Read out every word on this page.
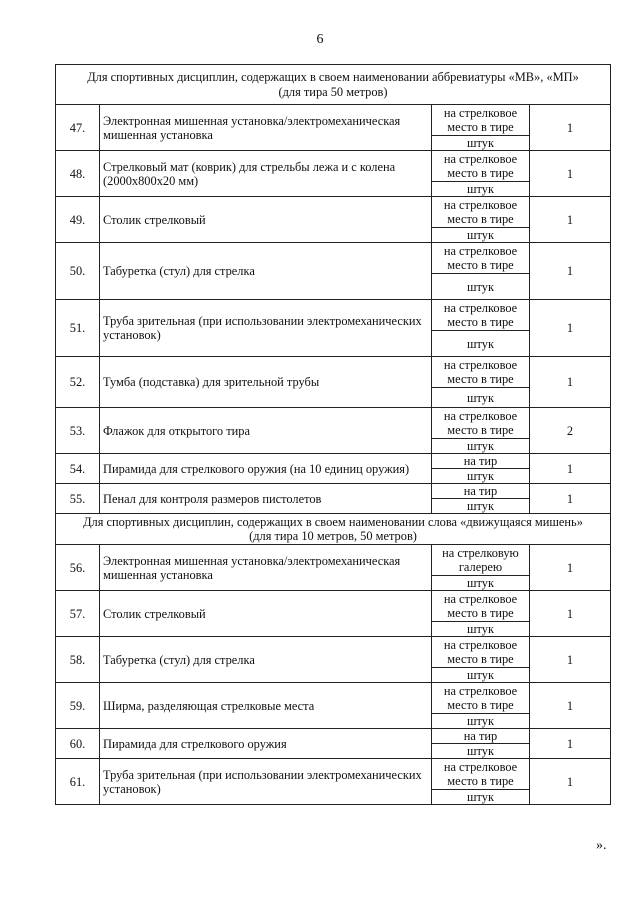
6
Для спортивных дисциплин, содержащих в своем наименовании аббревиатуры «МВ», «МП»
(для тира 50 метров)			

47.	Электронная мишенная установка/электромеханическая мишенная установка	на стрелковое место в тире	1
		штук	
48.	Стрелковый мат (коврик) для стрельбы лежа и с колена (2000х800х20 мм)	на стрелковое место в тире	1
		штук	
49.	Столик стрелковый	на стрелковое место в тире	1
		штук	
50.	Табуретка (стул) для стрелка	на стрелковое место в тире	1
		штук	
51.	Труба зрительная (при использовании электромеханических установок)	на стрелковое место в тире	1
		штук	
52.	Тумба (подставка) для зрительной трубы	на стрелковое место в тире	1
		штук	
53.	Флажок для открытого тира	на стрелковое место в тире	2
		штук	
54.	Пирамида для стрелкового оружия (на 10 единиц оружия)	на тир	1
		штук	
55.	Пенал для контроля размеров пистолетов	на тир	1
		штук	

Для спортивных дисциплин, содержащих в своем наименовании слова «движущаяся мишень»
(для тира 10 метров, 50 метров)			

56.	Электронная мишенная установка/электромеханическая мишенная установка	на стрелковую галерею	1
		штук	
57.	Столик стрелковый	на стрелковое место в тире	1
		штук	
58.	Табуретка (стул) для стрелка	на стрелковое место в тире	1
		штук	
59.	Ширма, разделяющая стрелковые места	на стрелковое место в тире	1
		штук	
60.	Пирамида для стрелкового оружия	на тир	1
		штук	
61.	Труба зрительная (при использовании электромеханических установок)	на стрелковое место в тире	1
		штук	
».
